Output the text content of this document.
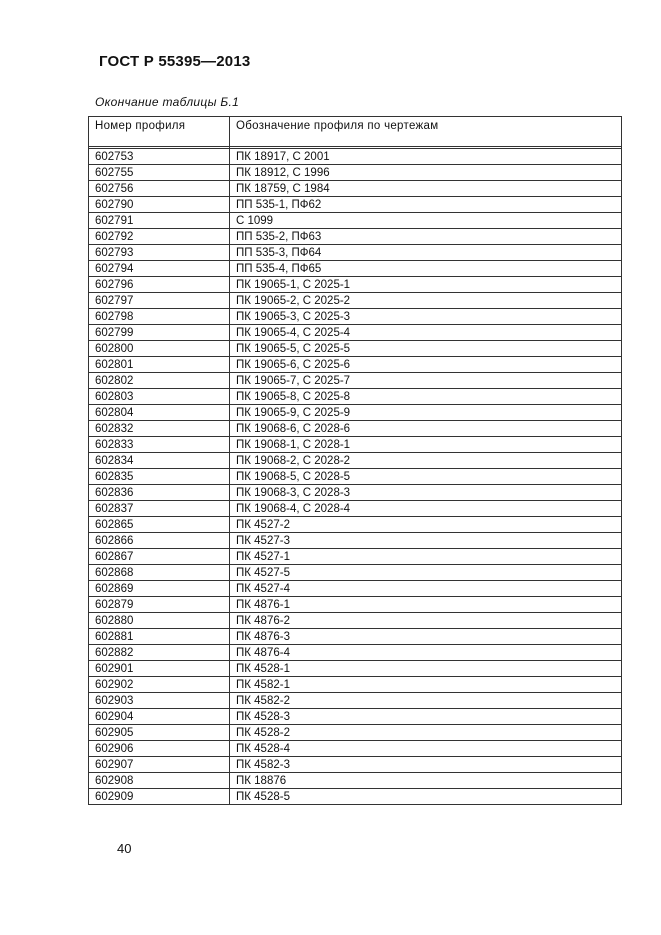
ГОСТ Р 55395—2013
Окончание таблицы Б.1
Номер профиля	Обозначение профиля по чертежам

602753	ПК 18917, С 2001
602755	ПК 18912, С 1996
602756	ПК 18759, С 1984
602790	ПП 535-1, ПФ62
602791	С 1099
602792	ПП 535-2, ПФ63
602793	ПП 535-3, ПФ64
602794	ПП 535-4, ПФ65
602796	ПК 19065-1, С 2025-1
602797	ПК 19065-2, С 2025-2
602798	ПК 19065-3, С 2025-3
602799	ПК 19065-4, С 2025-4
602800	ПК 19065-5, С 2025-5
602801	ПК 19065-6, С 2025-6
602802	ПК 19065-7, С 2025-7
602803	ПК 19065-8, С 2025-8
602804	ПК 19065-9, С 2025-9
602832	ПК 19068-6, С 2028-6
602833	ПК 19068-1, С 2028-1
602834	ПК 19068-2, С 2028-2
602835	ПК 19068-5, С 2028-5
602836	ПК 19068-3, С 2028-3
602837	ПК 19068-4, С 2028-4
602865	ПК 4527-2
602866	ПК 4527-3
602867	ПК 4527-1
602868	ПК 4527-5
602869	ПК 4527-4
602879	ПК 4876-1
602880	ПК 4876-2
602881	ПК 4876-3
602882	ПК 4876-4
602901	ПК 4528-1
602902	ПК 4582-1
602903	ПК 4582-2
602904	ПК 4528-3
602905	ПК 4528-2
602906	ПК 4528-4
602907	ПК 4582-3
602908	ПК 18876
602909	ПК 4528-5
40
